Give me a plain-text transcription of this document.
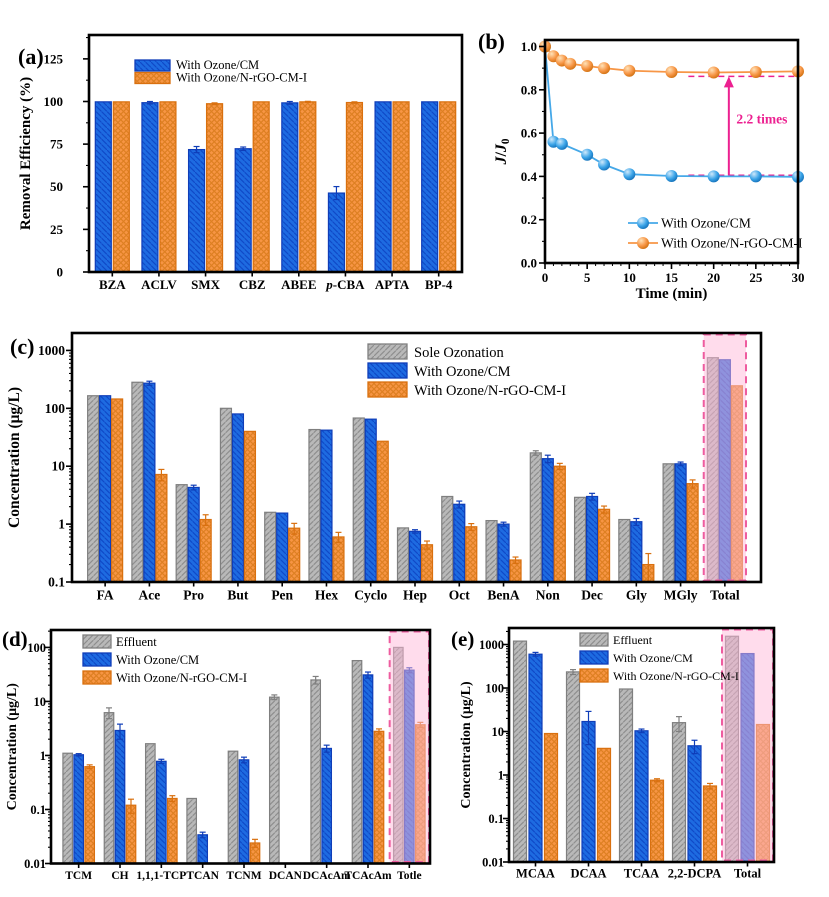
0
25
50
75
100
125
BZA ACLV SMX CBZ ABEE p-CBA APTA BP-4
Removal Efficiency (%)
(a)	With Ozone/CM
With Ozone/N-rGO-CM-I
2.2 times
0.0
0.2
0.4
0.6
0.8
1.0
0	5 10 15 20 25 30
Time (min)
J/J0
(b)
With Ozone/CM
With Ozone/N-rGO-CM-I
0.1
1
10
100
1000
FA Ace Pro But Pen Hex Cyclo Hep Oct BenA Non Dec Gly MGly Total
Concentration (μg/L)
(c)	Sole Ozonation
With Ozone/CM
With Ozone/N-rGO-CM-I
0.01
0.1
1
10
100
TCM CH 1,1,1-TCP TCAN TCNM DCAN DCAcAm
TCAcAm Totle
Concentration (μg/L)
(d)	Effluent
With Ozone/CM
With Ozone/N-rGO-CM-I
0.01
0.1
1
10
100
1000
MCAA DCAA TCAA 2,2-DCPA Total
Concentration (μg/L)
(e)	Effluent
With Ozone/CM
With Ozone/N-rGO-CM-I
